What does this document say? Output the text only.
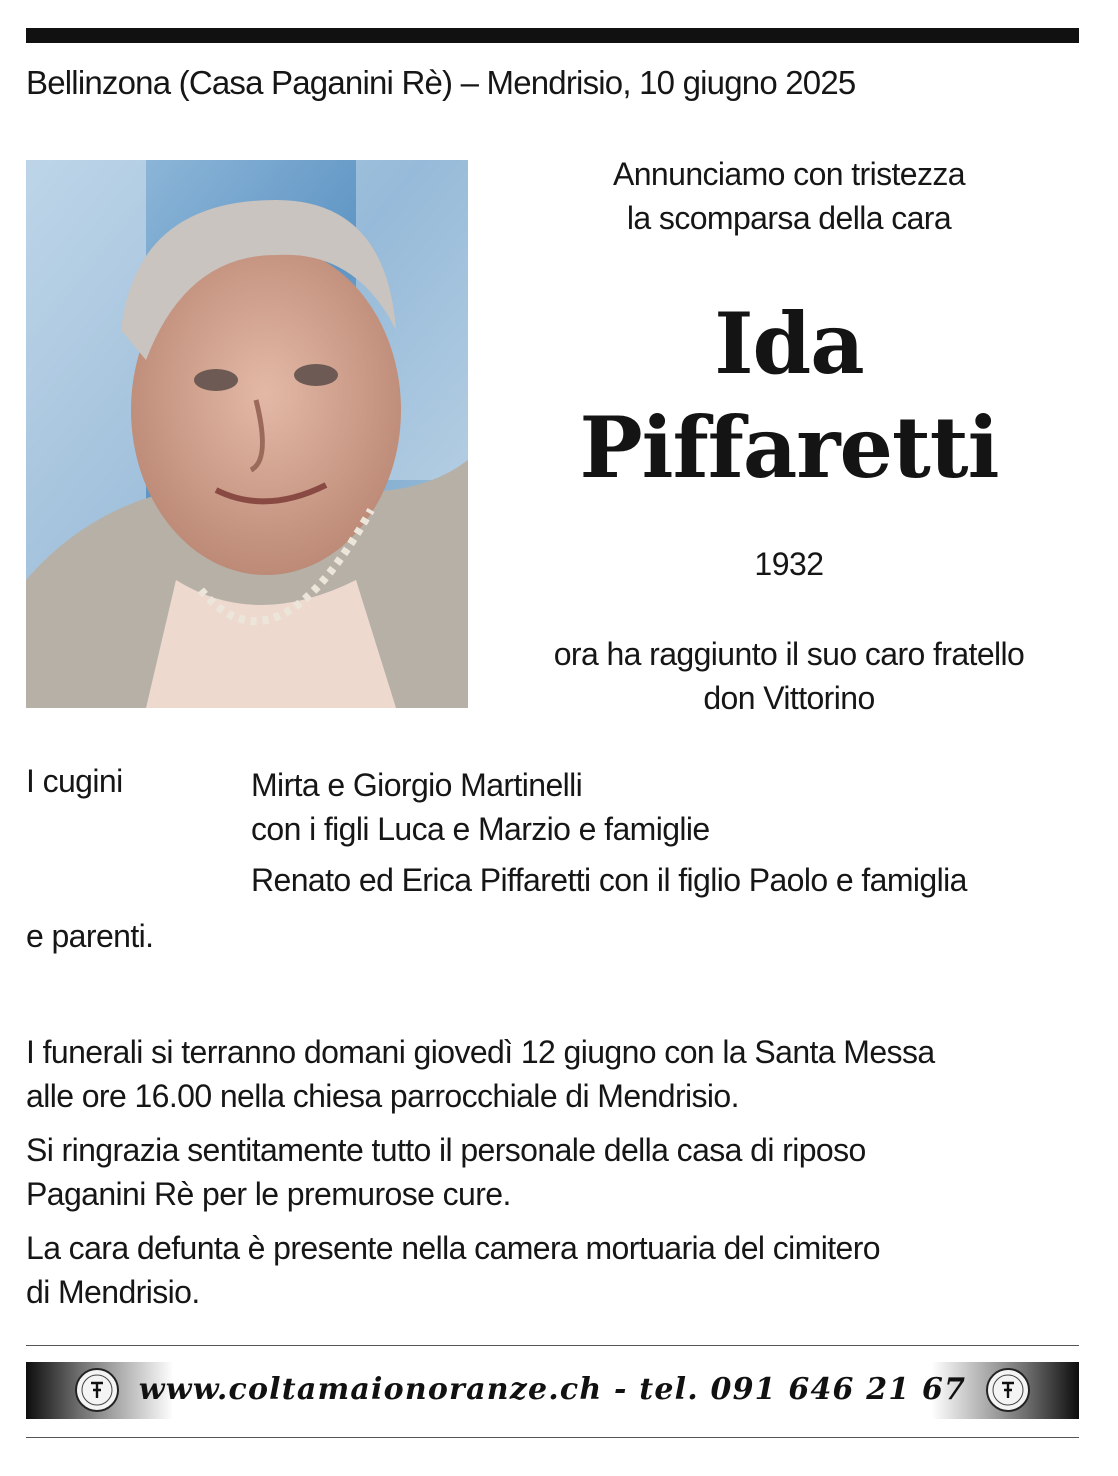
Bellinzona (Casa Paganini Rè) – Mendrisio, 10 giugno 2025
Annunciamo con tristezza
la scomparsa della cara
Ida
Piffaretti
1932
ora ha raggiunto il suo caro fratello
don Vittorino
I cugini	Mirta e Giorgio Martinelli
con i figli Luca e Marzio e famiglie
Renato ed Erica Piffaretti con il figlio Paolo e famiglia
e parenti.
I funerali si terranno domani giovedì 12 giugno con la Santa Messa
alle ore 16.00 nella chiesa parrocchiale di Mendrisio.
Si ringrazia sentitamente tutto il personale della casa di riposo
Paganini Rè per le premurose cure.
La cara defunta è presente nella camera mortuaria del cimitero
di Mendrisio.
www.coltamaionoranze.ch - tel. 091 646 21 67
